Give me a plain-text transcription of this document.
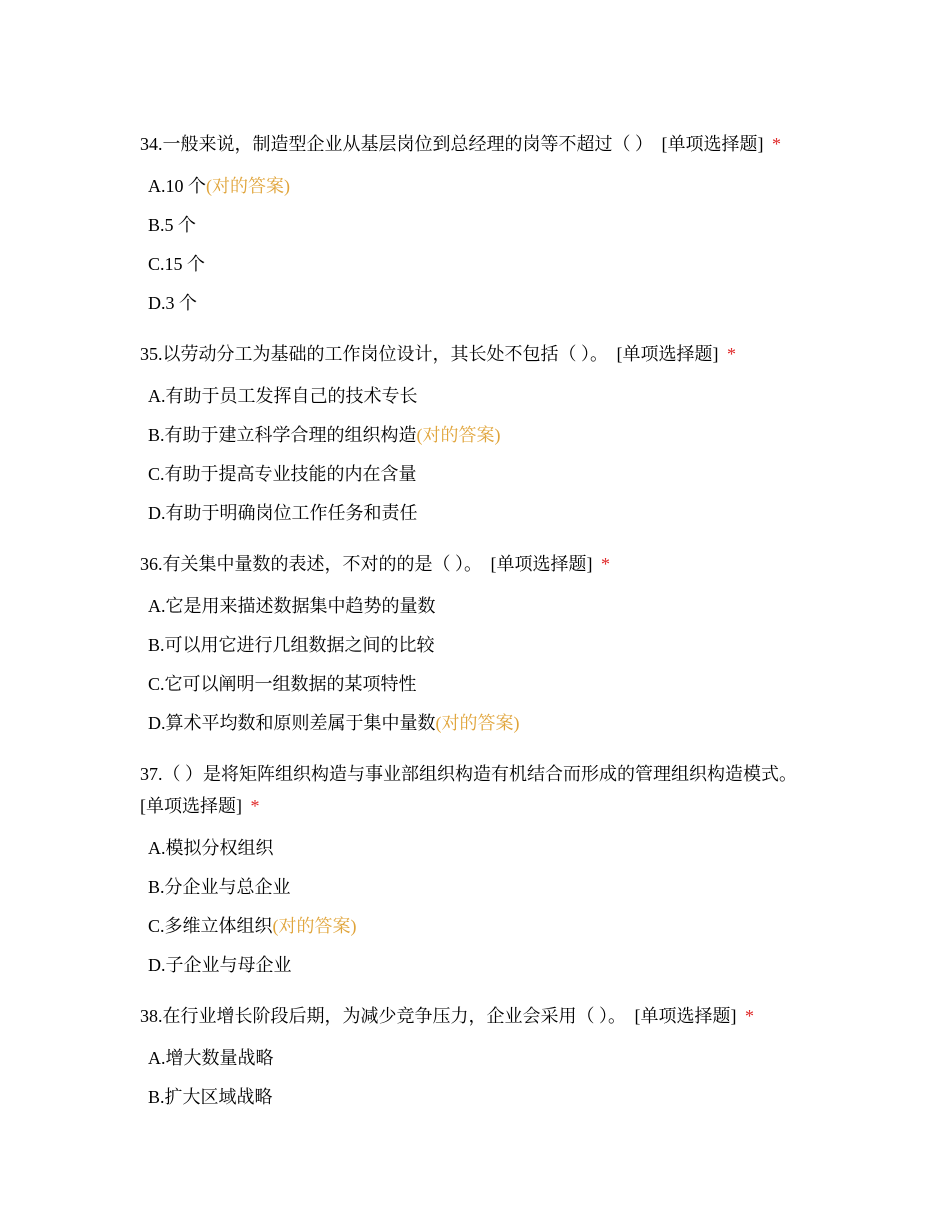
34.一般来说，制造型企业从基层岗位到总经理的岗等不超过（ ） [单项选择题] *
A.10 个(对的答案)
B.5 个
C.15 个
D.3 个
35.以劳动分工为基础的工作岗位设计，其长处不包括（ ）。 [单项选择题] *
A.有助于员工发挥自己的技术专长
B.有助于建立科学合理的组织构造(对的答案)
C.有助于提高专业技能的内在含量
D.有助于明确岗位工作任务和责任
36.有关集中量数的表述，不对的的是（ ）。 [单项选择题] *
A.它是用来描述数据集中趋势的量数
B.可以用它进行几组数据之间的比较
C.它可以阐明一组数据的某项特性
D.算术平均数和原则差属于集中量数(对的答案)
37.（ ）是将矩阵组织构造与事业部组织构造有机结合而形成的管理组织构造模式。
[单项选择题] *
A.模拟分权组织
B.分企业与总企业
C.多维立体组织(对的答案)
D.子企业与母企业
38.在行业增长阶段后期，为减少竞争压力，企业会采用（ ）。 [单项选择题] *
A.增大数量战略
B.扩大区域战略
